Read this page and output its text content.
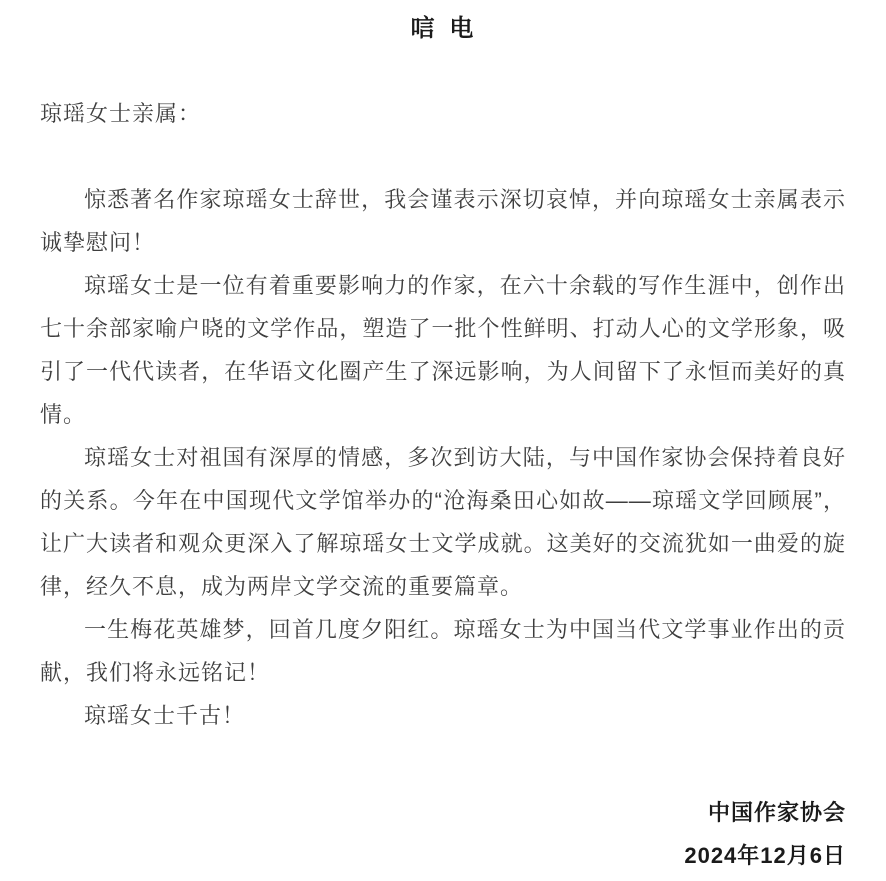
唁 电
琼瑶女士亲属：

惊悉著名作家琼瑶女士辞世，我会谨表示深切哀悼，并向琼瑶女士亲属表示诚挚慰问！

琼瑶女士是一位有着重要影响力的作家，在六十余载的写作生涯中，创作出七十余部家喻户晓的文学作品，塑造了一批个性鲜明、打动人心的文学形象，吸引了一代代读者，在华语文化圈产生了深远影响，为人间留下了永恒而美好的真情。

琼瑶女士对祖国有深厚的情感，多次到访大陆，与中国作家协会保持着良好的关系。今年在中国现代文学馆举办的“沧海桑田心如故——琼瑶文学回顾展”，让广大读者和观众更深入了解琼瑶女士文学成就。这美好的交流犹如一曲爱的旋律，经久不息，成为两岸文学交流的重要篇章。

一生梅花英雄梦，回首几度夕阳红。琼瑶女士为中国当代文学事业作出的贡献，我们将永远铭记！

琼瑶女士千古！

中国作家协会

2024年12月6日
